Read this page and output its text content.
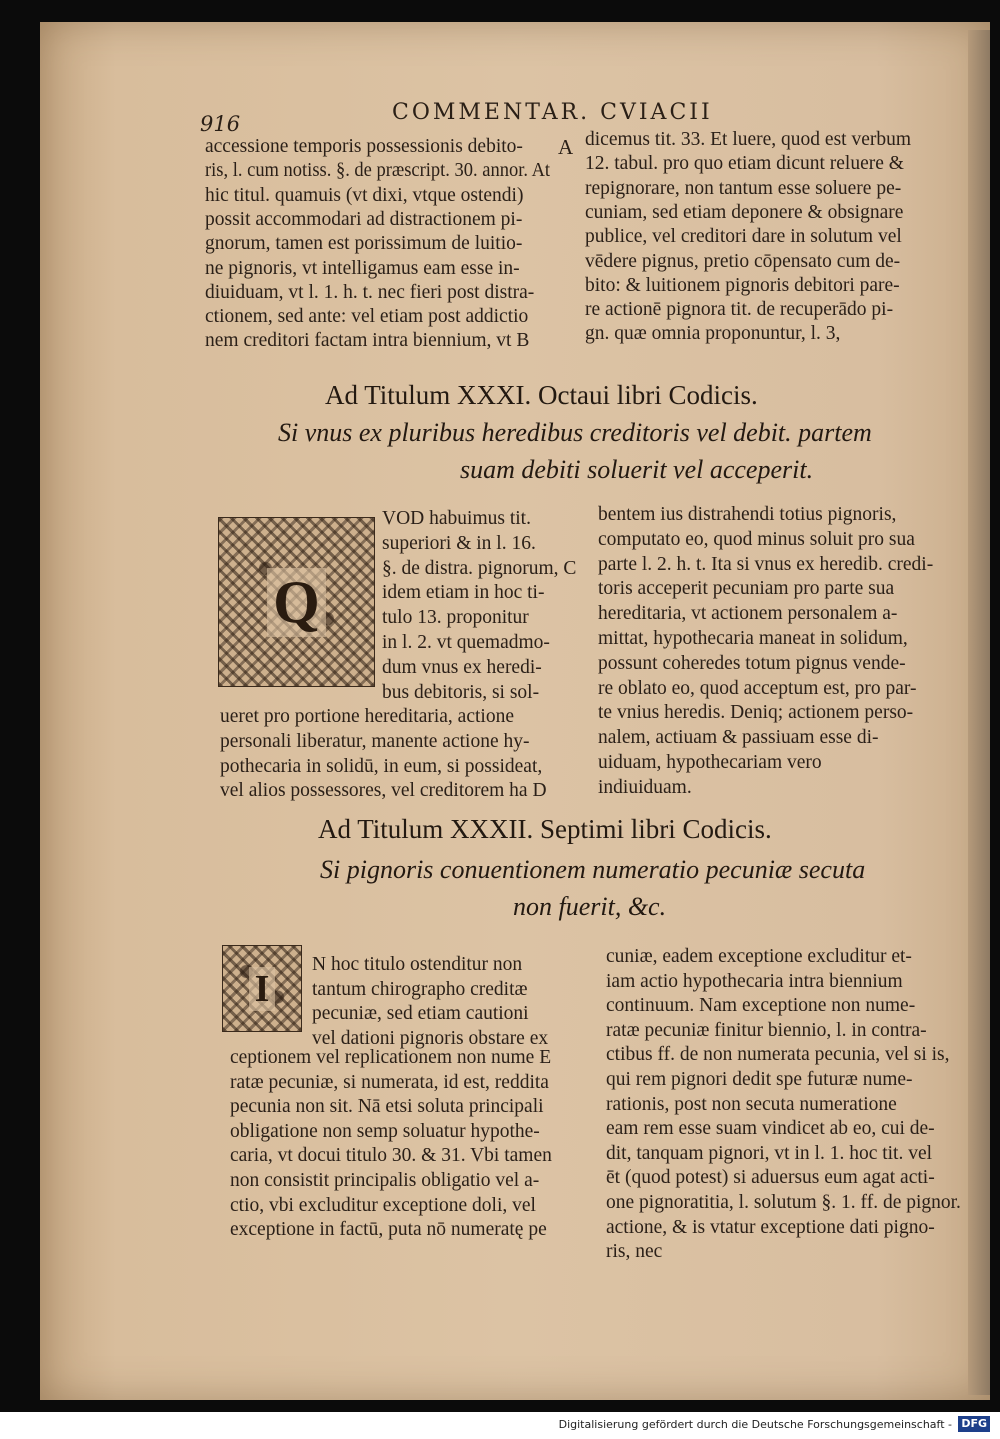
916	COMMENTAR. CVIACII
accessione temporis possessionis debito-
ris, l. cum notiss. §. de præscript. 30. annor. At
hic titul. quamuis (vt dixi, vtque ostendi)
possit accommodari ad distractionem pi-
gnorum, tamen est porissimum de luitio-
ne pignoris, vt intelligamus eam esse in-
diuiduam, vt l. 1. h. t. nec fieri post distra-
ctionem, sed ante: vel etiam post addictio
nem creditori factam intra biennium, vt B
dicemus tit. 33. Et luere, quod est verbum
12. tabul. pro quo etiam dicunt reluere &
repignorare, non tantum esse soluere pe-
cuniam, sed etiam deponere & obsignare
publice, vel creditori dare in solutum vel
vēdere pignus, pretio cōpensato cum de-
bito: & luitionem pignoris debitori pare-
re actionē pignora tit. de recuperādo pi-
gn. quæ omnia proponuntur, l. 3,
A
Ad Titulum XXXI. Octaui libri Codicis.
Si vnus ex pluribus heredibus creditoris vel debit. partem
suam debiti soluerit vel acceperit.
Q
VOD habuimus tit.
superiori & in l. 16.
§. de distra. pignorum, C
idem etiam in hoc ti-
tulo 13. proponitur
in l. 2. vt quemadmo-
dum vnus ex heredi-
bus debitoris, si sol-
ueret pro portione hereditaria, actione
personali liberatur, manente actione hy-
pothecaria in solidū, in eum, si possideat,
vel alios possessores, vel creditorem ha D
bentem ius distrahendi totius pignoris,
computato eo, quod minus soluit pro sua
parte l. 2. h. t. Ita si vnus ex heredib. credi-
toris acceperit pecuniam pro parte sua
hereditaria, vt actionem personalem a-
mittat, hypothecaria maneat in solidum,
possunt coheredes totum pignus vende-
re oblato eo, quod acceptum est, pro par-
te vnius heredis. Deniq; actionem perso-
nalem, actiuam & passiuam esse di-
uiduam, hypothecariam vero
indiuiduam.
Ad Titulum XXXII. Septimi libri Codicis.
Si pignoris conuentionem numeratio pecuniæ secuta
non fuerit, &c.
I
N hoc titulo ostenditur non
tantum chirographo creditæ
pecuniæ, sed etiam cautioni
vel dationi pignoris obstare ex
ceptionem vel replicationem non nume E
ratæ pecuniæ, si numerata, id est, reddita
pecunia non sit. Nā etsi soluta principali
obligatione non semp soluatur hypothe-
caria, vt docui titulo 30. & 31. Vbi tamen
non consistit principalis obligatio vel a-
ctio, vbi excluditur exceptione doli, vel
exceptione in factū, puta nō numeratę pe
cuniæ, eadem exceptione excluditur et-
iam actio hypothecaria intra biennium
continuum. Nam exceptione non nume-
ratæ pecuniæ finitur biennio, l. in contra-
ctibus ff. de non numerata pecunia, vel si is,
qui rem pignori dedit spe futuræ nume-
rationis, post non secuta numeratione
eam rem esse suam vindicet ab eo, cui de-
dit, tanquam pignori, vt in l. 1. hoc tit. vel
ēt (quod potest) si aduersus eum agat acti-
one pignoratitia, l. solutum §. 1. ff. de pignor.
actione, & is vtatur exceptione dati pigno-
ris, nec
Digitalisierung gefördert durch die Deutsche Forschungsgemeinschaft - DFG
